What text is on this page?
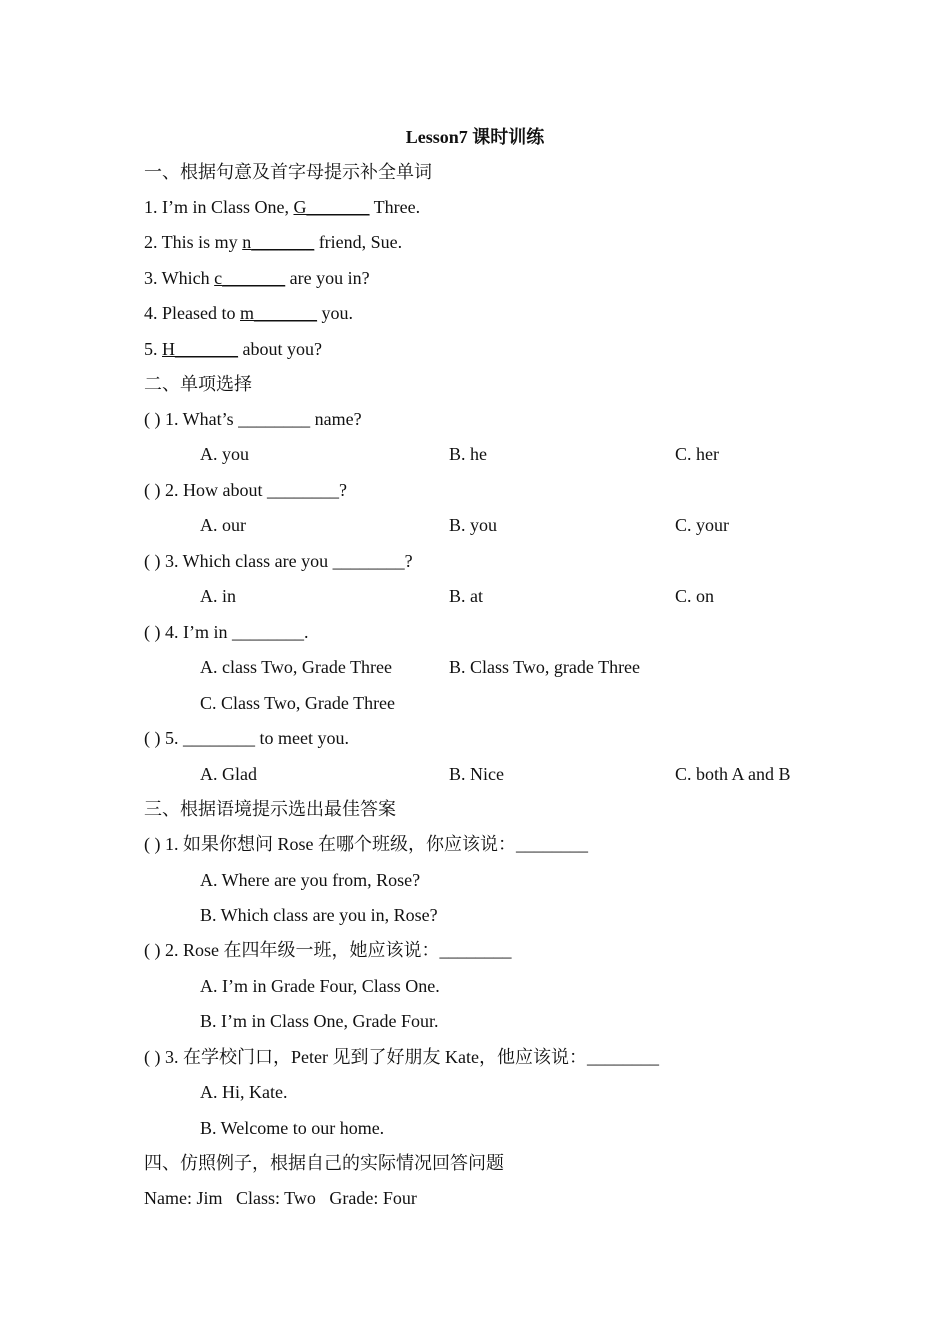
Lesson7 课时训练
一、根据句意及首字母提示补全单词
1. I’m in Class One, G_______ Three.
2. This is my n_______ friend, Sue.
3. Which c_______ are you in?
4. Pleased to m_______ you.
5. H_______ about you?
二、单项选择
( ) 1. What’s ________ name?
A. you	B. he	C. her
( ) 2. How about ________?
A. our	B. you	C. your
( ) 3. Which class are you ________?
A. in	B. at	C. on
( ) 4. I’m in ________.
A. class Two, Grade Three	B. Class Two, grade Three
C. Class Two, Grade Three
( ) 5. ________ to meet you.
A. Glad	B. Nice	C. both A and B
三、根据语境提示选出最佳答案
( ) 1. 如果你想问 Rose 在哪个班级，你应该说：________
A. Where are you from, Rose?
B. Which class are you in, Rose?
( ) 2. Rose 在四年级一班，她应该说：________
A. I’m in Grade Four, Class One.
B. I’m in Class One, Grade Four.
( ) 3. 在学校门口，Peter 见到了好朋友 Kate，他应该说：________
A. Hi, Kate.
B. Welcome to our home.
四、仿照例子，根据自己的实际情况回答问题
Name: Jim   Class: Two   Grade: Four
